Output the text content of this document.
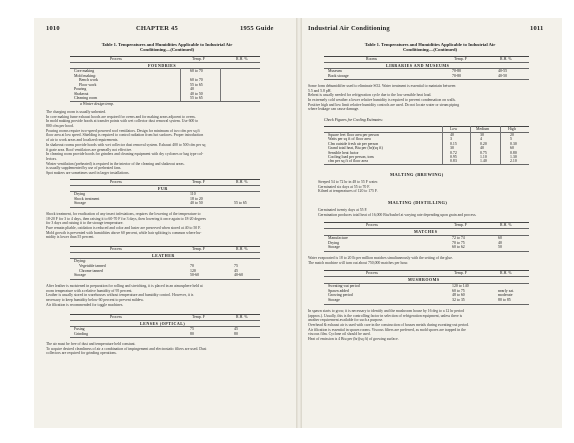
1010	CHAPTER 45	1955 Guide
Table 1. Temperatures and Humidities Applicable to Industrial Air
Conditioning—(Continued)
Process	Temp. F	R.H. %
FOUNDRIES
Core making	60 to 70
Mold making:
Bench work	60 to 70
Floor work	55 to 65
Pouring	40
Shakeout	40 to 50
Cleaning room	55 to 65
a Winter design temp.
The charging room is usually unheated.
In core making fume exhaust hoods are required for ovens and for making areas adjacent to ovens.
In mold making provide hoods at transfer points with wet collector dust removal system. Use 600 to
800 cfm per hood.
Pouring rooms require two-speed powered roof ventilators. Design for minimum of two cfm per sq ft
floor area at low speed. Shielding is required to control radiation from hot surfaces. Proper introduction
of air to work areas and localized requirements.
In shakeout rooms provide hoods with wet collector dust removal system. Exhaust 400 to 500 cfm per sq
ft grate area. Roof ventilators are generally not effective.
In cleaning room provide hoods for grinders and cleaning equipment with dry cyclones or bag type col-
lectors.
Winter ventilation (preheated) is required in the interior of the cleaning and shakeout areas.
is usually supplemented by use of preheated fans.
Spot makers are sometimes used in larger installations.
Process	Temp. F	R.H. %
FUR
Drying	110
Shock treatment	18 to 20
Storage	40 to 50	55 to 65
Shock treatment, for eradication of any insect infestations, requires the lowering of the temperature to
18-20 F for 3 to 4 days, then raising it to 60-70 F for 3 days, then lowering it once again to 18-20 degrees
for 3 days and raising it to the storage temperature.
Fure remain pliable, oxidation is reduced and color and luster are preserved when stored at 40 to 50 F.
Mold growth is prevented with humidities above 60 percent, while hair splitting is common where hu-
midity is lower than 55 percent.
Process	Temp. F	R.H. %
LEATHER
Drying:
Vegetable tanned	70	75
Chrome tanned	120	45
Storage	50-60	40-60
After leather is moistened in preparation for rolling and stretching, it is placed in an atmosphere held at
room temperature with a relative humidity of 95 percent.
Leather is usually stored in warehouses without temperature and humidity control. However, it is
necessary to keep humidity below 60 percent to prevent mildew.
Air filtration is recommended for toggle machines.
Process	Temp. F	R.H. %
LENSES (OPTICAL)
Fusing	75	45
Grinding	80	80
The air must be free of dust and temperature held constant.
To acquire desired cleanliness of air a combination of impingement and electrostatic filters are used. Dust
collectors are required for grinding operations.
Industrial Air Conditioning	1011
Table 1. Temperatures and Humidities Applicable to Industrial Air
Conditioning—(Continued)
Rooms	Temp. F	R.H. %
LIBRARIES AND MUSEUMS
Museum	70-80	40-55
Book storage	70-80	40-50
Some form dehumidifier used to eliminate SO2. Water treatment is essential to maintain between
5.5 and 5.8 pH.
Reheat is usually needed for refrigeration cycle due to the low sensible heat load.
In extremely cold weather a lower relative humidity is required to prevent condensation on walls.
Positive high and low limit relative humidity controls are used. Do not locate water or steam piping
where leakage can cause damage.
Check Figures for Cooling Estimates:
Low	Medium	High
Square feet floor area per person	40	30	20
Watts per sq ft of floor area	3	4	5
Cfm outside fresh air per person	0.15	0.20	0.30
Grand total heat, Btu per (hr)(sq ft)	30	40	60
Sensible heat factor	0.72	0.75	0.80
Cooling load per person, tons	0.95	1.10	1.30
cfm per sq ft of floor area	0.83	1.40	2.10
MALTING (BREWING)
Steeped 54 to 72 hr in 48 to 55 F water.
Germinated six days at 55 to 70 F.
Kilned at temperatures of 120 to 175 F.
MALTING (DISTILLING)
Germinated twenty days at 55 F.
Germination produces total heat of 16,000 Btu/bushel at varying rate depending upon grain and process.
Process	Temp. F	R.H. %
MATCHES
Manufacture	72 to 74	60
Drying	70 to 75	40
Storage	60 to 62	50
Water evaporated is 18 to 20 lb per million matches simultaneously with the setting of the glue.
The match machine will turn out about 750,000 matches per hour.
Process	Temp. F	R.H. %
MUSHROOMS
Sweating-out period	120 to 140
Spawn added	60 to 75	nearly sat.
Growing period	48 to 60	moderate
Storage	32 to 35	80 to 85
In spawn starts to grow, it is necessary to identify and the mushroom house by 16 deg to a 12 hr period
(approx.). Usually, this is the controlling factor in selection of refrigeration equipment, unless there is
another requirement available for such a purpose.
Overhead & exhaust air is used with care in the construction of houses metals during sweating-out period.
Air filtration is essential in spawn rooms. Viscous filters are preferred, as mold spores are trapped in the
viscous film. Cyclone oil should be used.
Heat of emission is 4 Btu per (hr)(sq ft) of growing surface.
